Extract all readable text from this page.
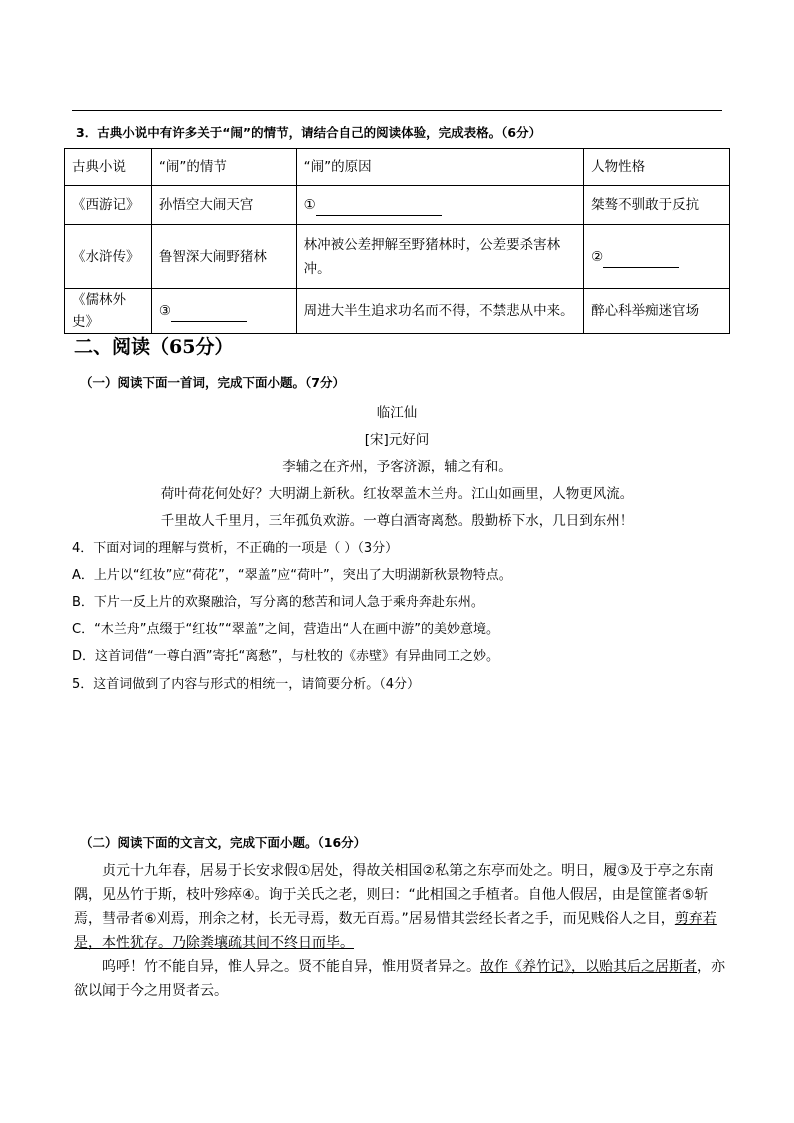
3．古典小说中有许多关于“闹”的情节，请结合自己的阅读体验，完成表格。（6分）
古典小说	“闹”的情节	“闹”的原因	人物性格
《西游记》	孙悟空大闹天宫	①	桀骜不驯敢于反抗
《水浒传》	鲁智深大闹野猪林	林冲被公差押解至野猪林时，公差要杀害林冲。	②
《儒林外史》	③	周进大半生追求功名而不得，不禁悲从中来。	醉心科举痴迷官场
二、阅读（65分）
（一）阅读下面一首词，完成下面小题。（7分）
临江仙
[宋]元好问
李辅之在齐州，予客济源，辅之有和。
荷叶荷花何处好？大明湖上新秋。红妆翠盖木兰舟。江山如画里，人物更风流。
千里故人千里月，三年孤负欢游。一尊白酒寄离愁。殷勤桥下水，几日到东州！
4．下面对词的理解与赏析，不正确的一项是（ ）（3分）
A．上片以“红妆”应“荷花”，“翠盖”应“荷叶”，突出了大明湖新秋景物特点。
B．下片一反上片的欢聚融洽，写分离的愁苦和词人急于乘舟奔赴东州。
C．“木兰舟”点缀于“红妆”“翠盖”之间，营造出“人在画中游”的美妙意境。
D．这首词借“一尊白酒”寄托“离愁”，与杜牧的《赤壁》有异曲同工之妙。
5．这首词做到了内容与形式的相统一，请简要分析。（4分）
（二）阅读下面的文言文，完成下面小题。（16分）

贞元十九年春，居易于长安求假①居处，得故关相国②私第之东亭而处之。明日，履③及于亭之东南隅，见丛竹于斯，枝叶殄瘁④。询于关氏之老，则曰：“此相国之手植者。自他人假居，由是筐篚者⑤斩焉，彗帚者⑥刈焉，刑余之材，长无寻焉，数无百焉。”居易惜其尝经长者之手，而见贱俗人之目，剪弃若是，本性犹存。乃除粪壤疏其间不终日而毕。

呜呼！竹不能自异，惟人异之。贤不能自异，惟用贤者异之。故作《养竹记》，以贻其后之居斯者，亦欲以闻于今之用贤者云。
